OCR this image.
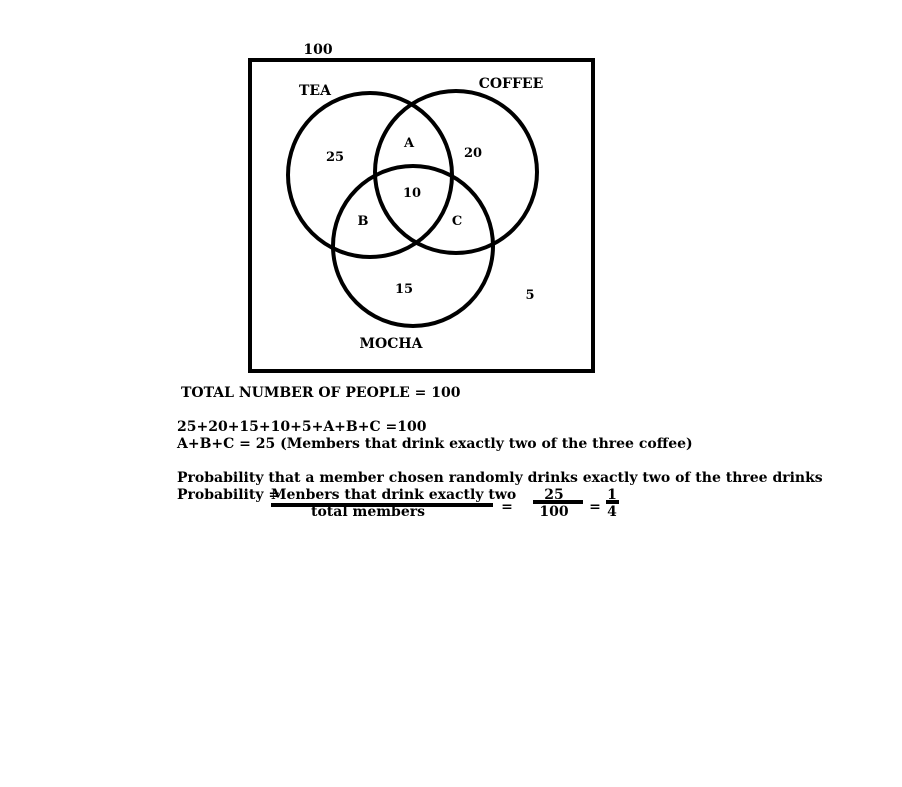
100
TEA	COFFEE
MOCHA
25	20
15
10
A
B	C
5
TOTAL NUMBER OF PEOPLE = 100
25+20+15+10+5+A+B+C =100
A+B+C = 25 (Members that drink exactly two of the three coffee)
Probability that a member chosen randomly drinks exactly two of the three drinks
Probability =
Menbers that drink exactly two
total members	=
25
100 =
1
4
